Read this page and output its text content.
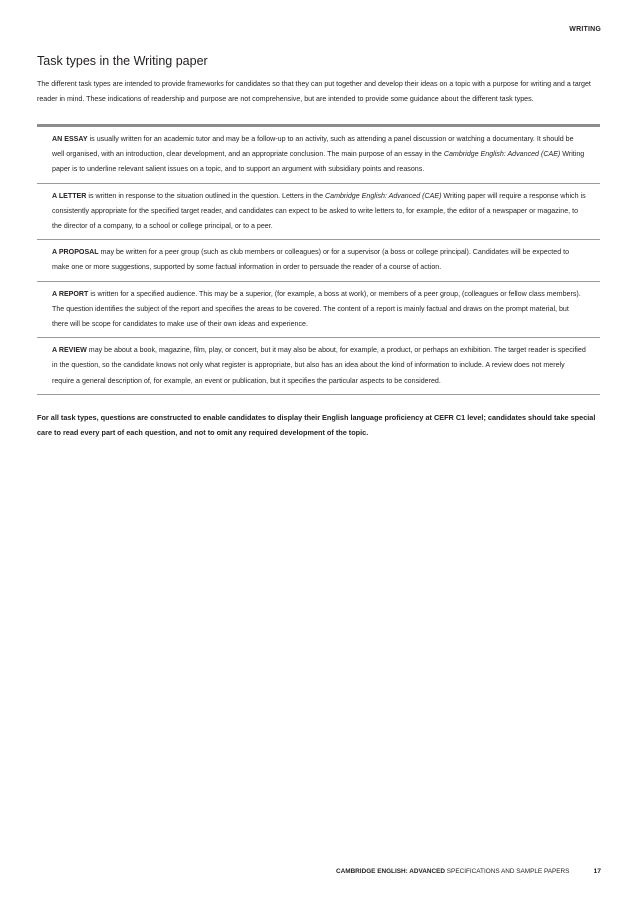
WRITING
Task types in the Writing paper

The different task types are intended to provide frameworks for candidates so that they can put together and develop their ideas on a topic with a purpose for writing and a target reader in mind. These indications of readership and purpose are not comprehensive, but are intended to provide some guidance about the different task types.

AN ESSAY is usually written for an academic tutor and may be a follow-up to an activity, such as attending a panel discussion or watching a documentary. It should be well organised, with an introduction, clear development, and an appropriate conclusion. The main purpose of an essay in the Cambridge English: Advanced (CAE) Writing paper is to underline relevant salient issues on a topic, and to support an argument with subsidiary points and reasons.
A LETTER is written in response to the situation outlined in the question. Letters in the Cambridge English: Advanced (CAE) Writing paper will require a response which is consistently appropriate for the specified target reader, and candidates can expect to be asked to write letters to, for example, the editor of a newspaper or magazine, to the director of a company, to a school or college principal, or to a peer.
A PROPOSAL may be written for a peer group (such as club members or colleagues) or for a supervisor (a boss or college principal). Candidates will be expected to make one or more suggestions, supported by some factual information in order to persuade the reader of a course of action.
A REPORT is written for a specified audience. This may be a superior, (for example, a boss at work), or members of a peer group, (colleagues or fellow class members). The question identifies the subject of the report and specifies the areas to be covered. The content of a report is mainly factual and draws on the prompt material, but there will be scope for candidates to make use of their own ideas and experience.
A REVIEW may be about a book, magazine, film, play, or concert, but it may also be about, for example, a product, or perhaps an exhibition. The target reader is specified in the question, so the candidate knows not only what register is appropriate, but also has an idea about the kind of information to include. A review does not merely require a general description of, for example, an event or publication, but it specifies the particular aspects to be considered.

For all task types, questions are constructed to enable candidates to display their English language proficiency at CEFR C1 level; candidates should take special care to read every part of each question, and not to omit any required development of the topic.

CAMBRIDGE ENGLISH: ADVANCED SPECIFICATIONS AND SAMPLE PAPERS	17
